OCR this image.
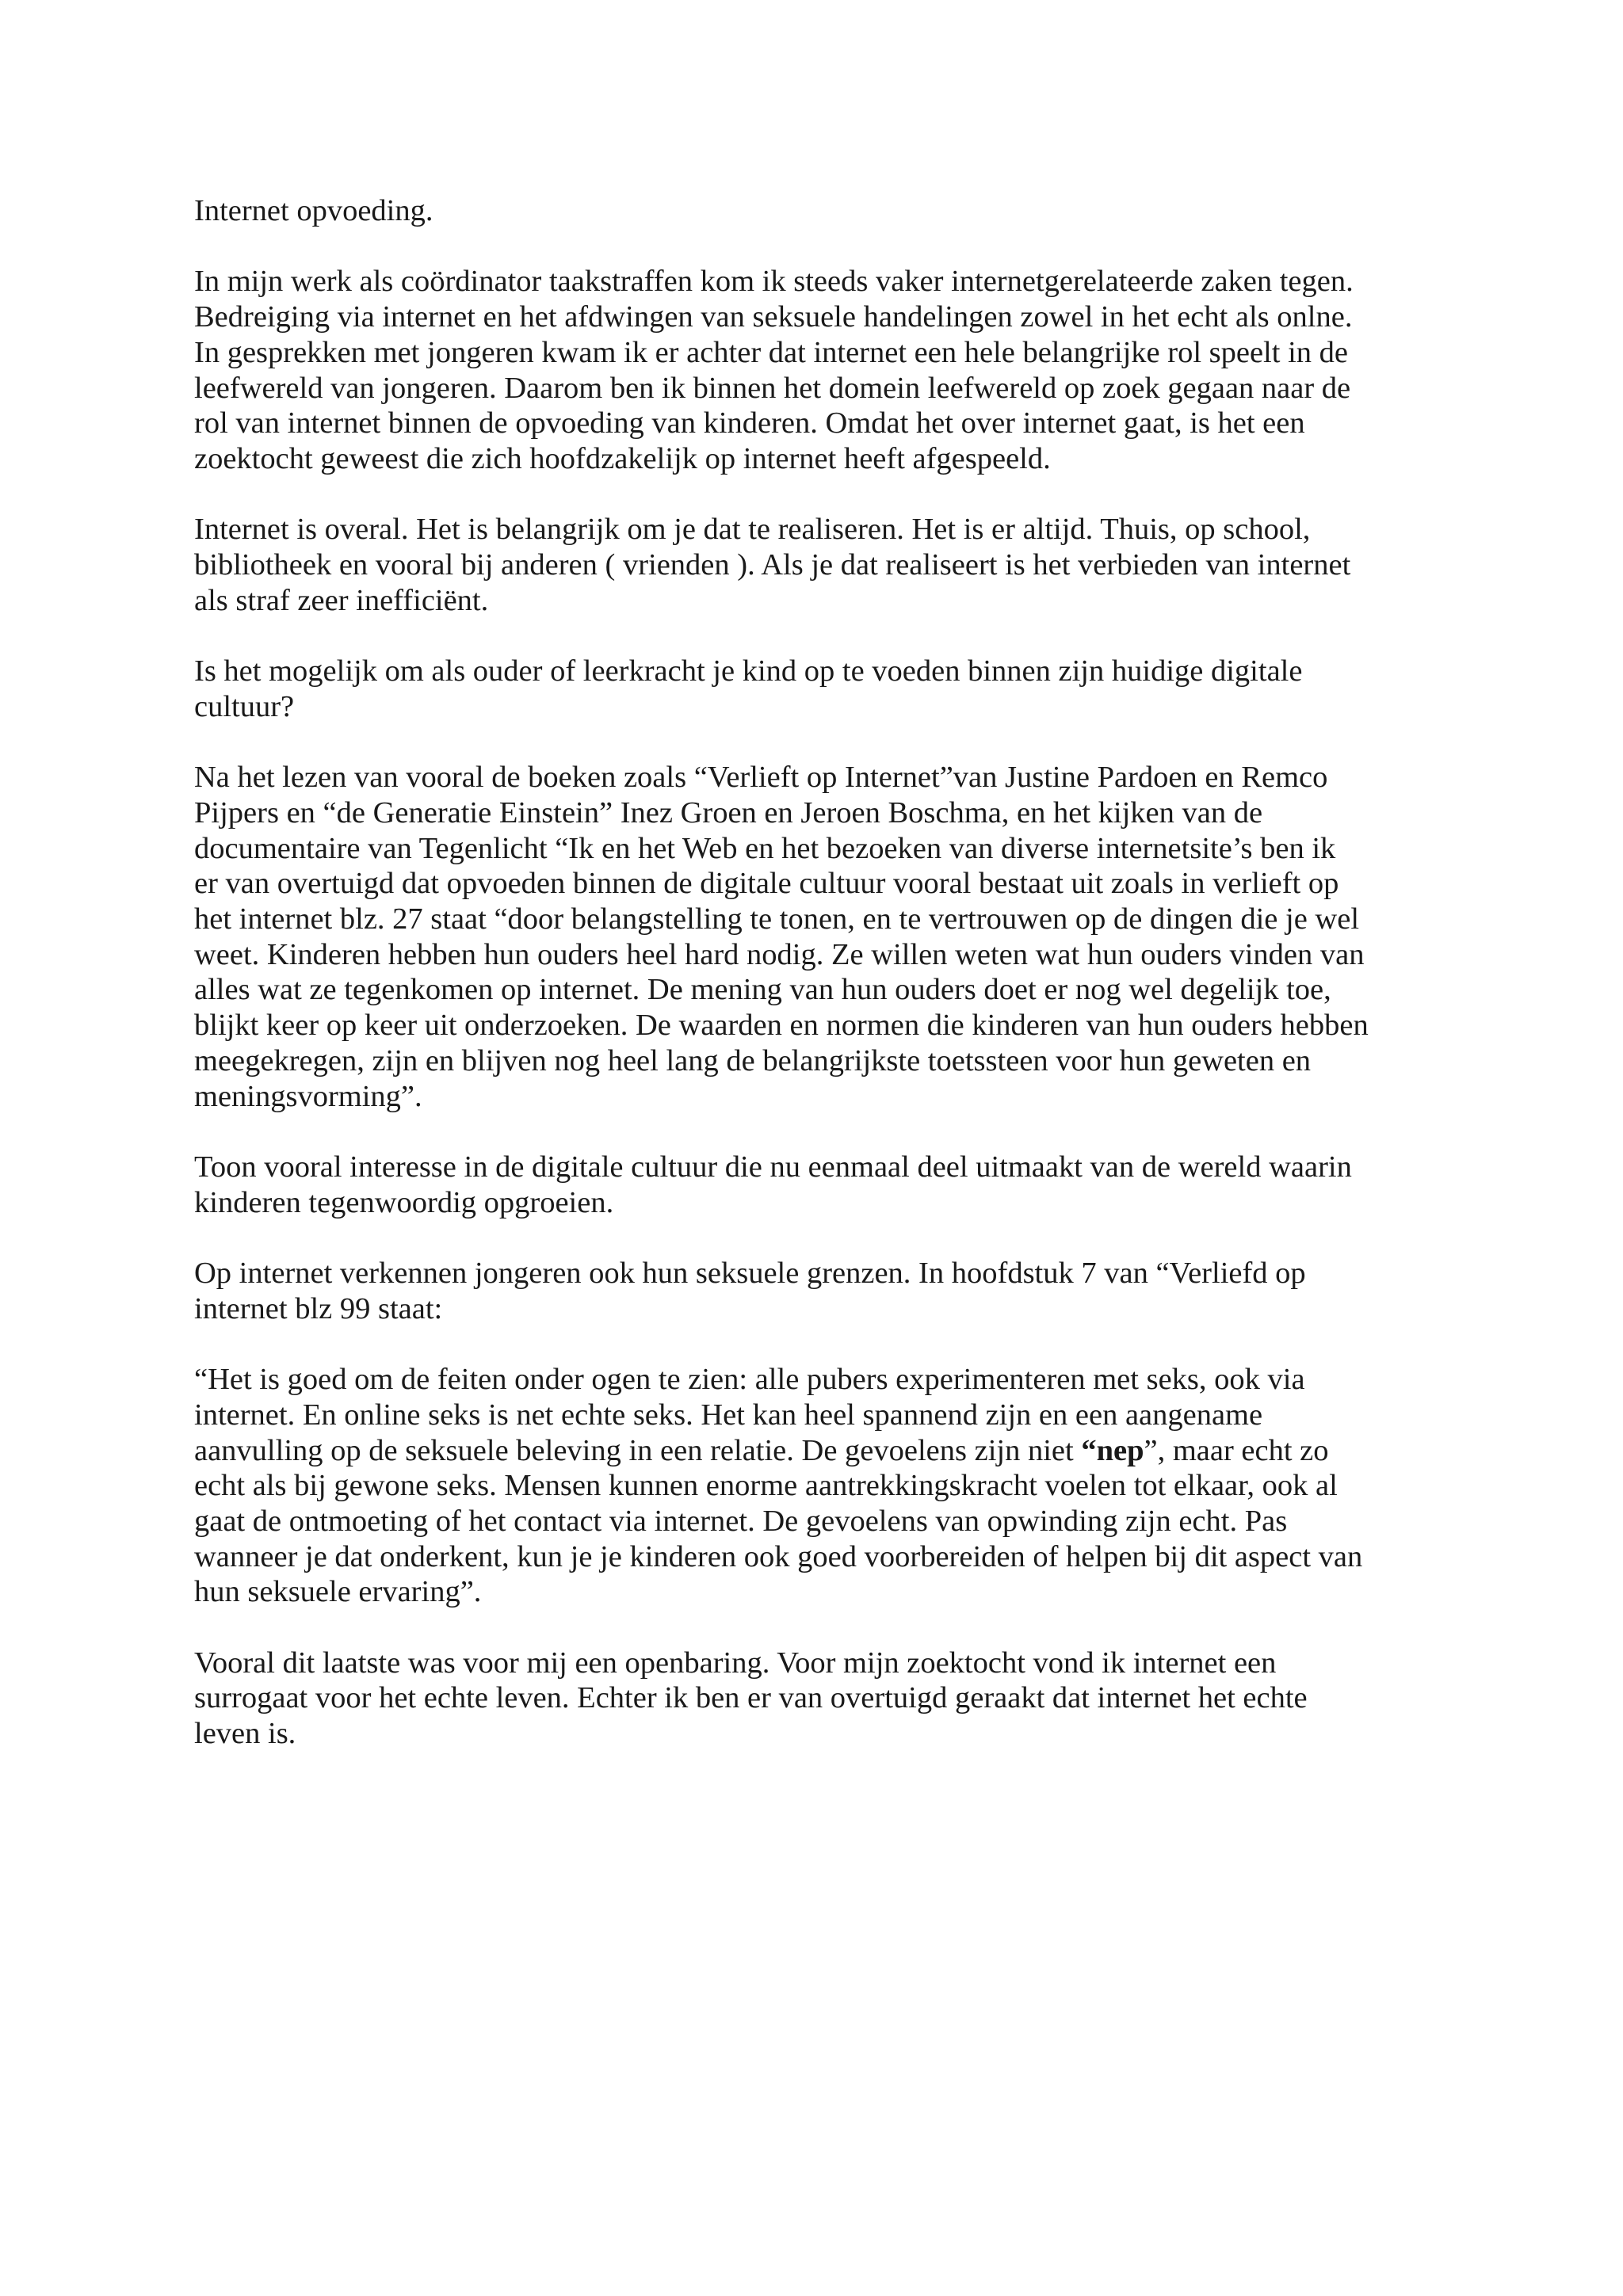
Internet opvoeding.

In mijn werk als coördinator taakstraffen kom ik steeds vaker internetgerelateerde zaken tegen.
Bedreiging via internet en het afdwingen van seksuele handelingen zowel in het echt als onlne.
In gesprekken met jongeren kwam ik er achter dat internet een hele belangrijke rol speelt in de
leefwereld van jongeren. Daarom ben ik binnen het domein leefwereld op zoek gegaan naar de
rol van internet binnen de opvoeding van kinderen. Omdat het over internet gaat, is het een
zoektocht geweest die zich hoofdzakelijk op internet heeft afgespeeld.

Internet is overal. Het is belangrijk om je dat te realiseren. Het is er altijd. Thuis, op school,
bibliotheek en vooral bij anderen ( vrienden ). Als je dat realiseert is het verbieden van internet
als straf zeer inefficiënt.

Is het mogelijk om als ouder of leerkracht je kind op te voeden binnen zijn huidige digitale
cultuur?

Na het lezen van vooral de boeken zoals “Verlieft op Internet”van Justine Pardoen en Remco
Pijpers en “de Generatie Einstein” Inez Groen en Jeroen Boschma, en het kijken van de
documentaire van Tegenlicht “Ik en het Web en het bezoeken van diverse internetsite’s ben ik
er van overtuigd dat opvoeden binnen de digitale cultuur vooral bestaat uit zoals in verlieft op
het internet blz. 27 staat “door belangstelling te tonen, en te vertrouwen op de dingen die je wel
weet. Kinderen hebben hun ouders heel hard nodig. Ze willen weten wat hun ouders vinden van
alles wat ze tegenkomen op internet. De mening van hun ouders doet er nog wel degelijk toe,
blijkt keer op keer uit onderzoeken. De waarden en normen die kinderen van hun ouders hebben
meegekregen, zijn en blijven nog heel lang de belangrijkste toetssteen voor hun geweten en
meningsvorming”.

Toon vooral interesse in de digitale cultuur die nu eenmaal deel uitmaakt van de wereld waarin
kinderen tegenwoordig opgroeien.

Op internet verkennen jongeren ook hun seksuele grenzen. In hoofdstuk 7 van “Verliefd op
internet blz 99 staat:

“Het is goed om de feiten onder ogen te zien: alle pubers experimenteren met seks, ook via
internet. En online seks is net echte seks. Het kan heel spannend zijn en een aangename
aanvulling op de seksuele beleving in een relatie. De gevoelens zijn niet “nep”, maar echt zo
echt als bij gewone seks. Mensen kunnen enorme aantrekkingskracht voelen tot elkaar, ook al
gaat de ontmoeting of het contact via internet. De gevoelens van opwinding zijn echt. Pas
wanneer je dat onderkent, kun je je kinderen ook goed voorbereiden of helpen bij dit aspect van
hun seksuele ervaring”.

Vooral dit laatste was voor mij een openbaring. Voor mijn zoektocht vond ik internet een
surrogaat voor het echte leven. Echter ik ben er van overtuigd geraakt dat internet het echte
leven is.
